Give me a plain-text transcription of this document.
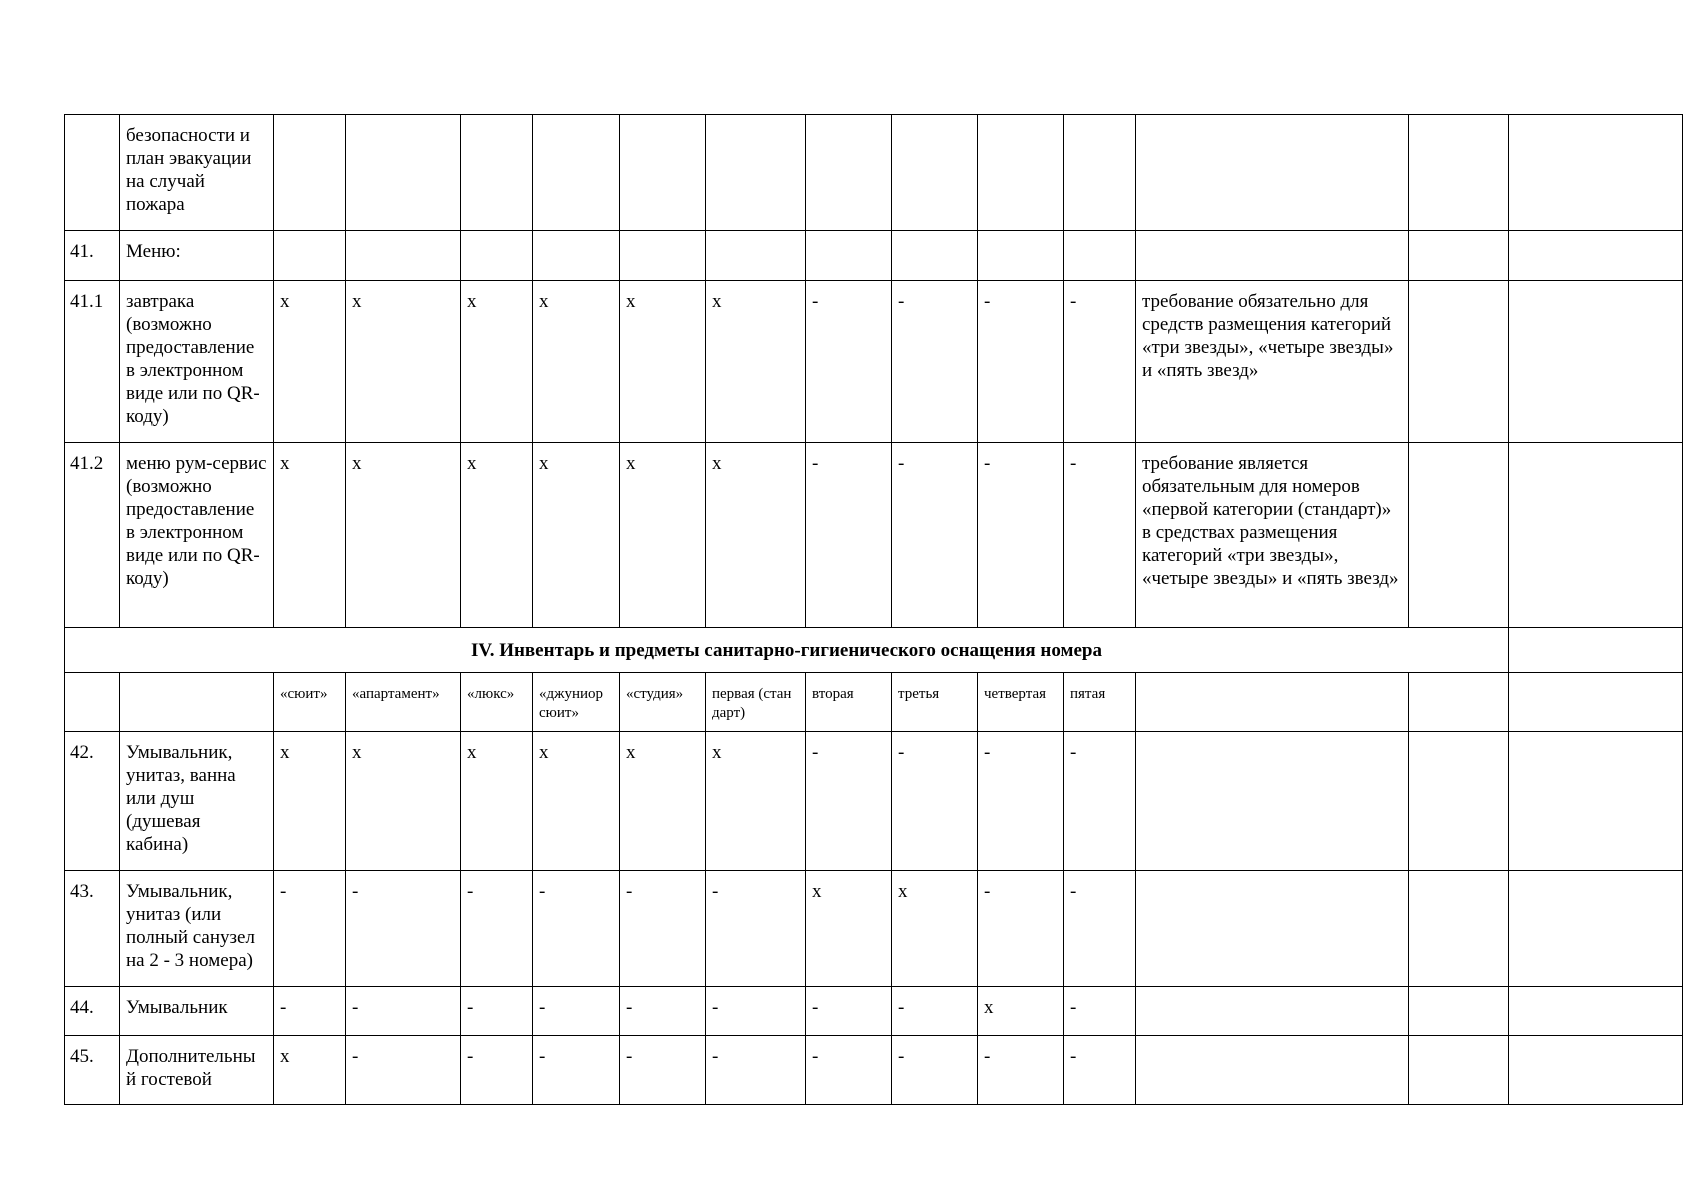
	безопасности и план эвакуации на случай пожара													
41.	Меню:													
41.1	завтрака (возможно предоставление в электронном виде или по QR-коду)	х	х	х	х	х	х	-	-	-	-	требование обязательно для средств размещения категорий «три звезды», «четыре звезды» и «пять звезд»		
41.2	меню рум-сервис (возможно предоставление в электронном виде или по QR-коду)	х	х	х	х	х	х	-	-	-	-	требование является обязательным для номеров «первой категории (стандарт)» в средствах размещения категорий «три звезды», «четыре звезды» и «пять звезд»		
IV. Инвентарь и предметы санитарно-гигиенического оснащения номера														
		«сюит»	«апартамент»	«люкс»	«джуниор сюит»	«студия»	первая (стан дарт)	вторая	третья	четвертая	пятая			
42.	Умывальник, унитаз, ванна или душ (душевая кабина)	х	х	х	х	х	х	-	-	-	-			
43.	Умывальник, унитаз (или полный санузел на 2 - 3 номера)	-	-	-	-	-	-	х	х	-	-			
44.	Умывальник	-	-	-	-	-	-	-	-	х	-			
45.	Дополнительны й гостевой	х	-	-	-	-	-	-	-	-	-			
